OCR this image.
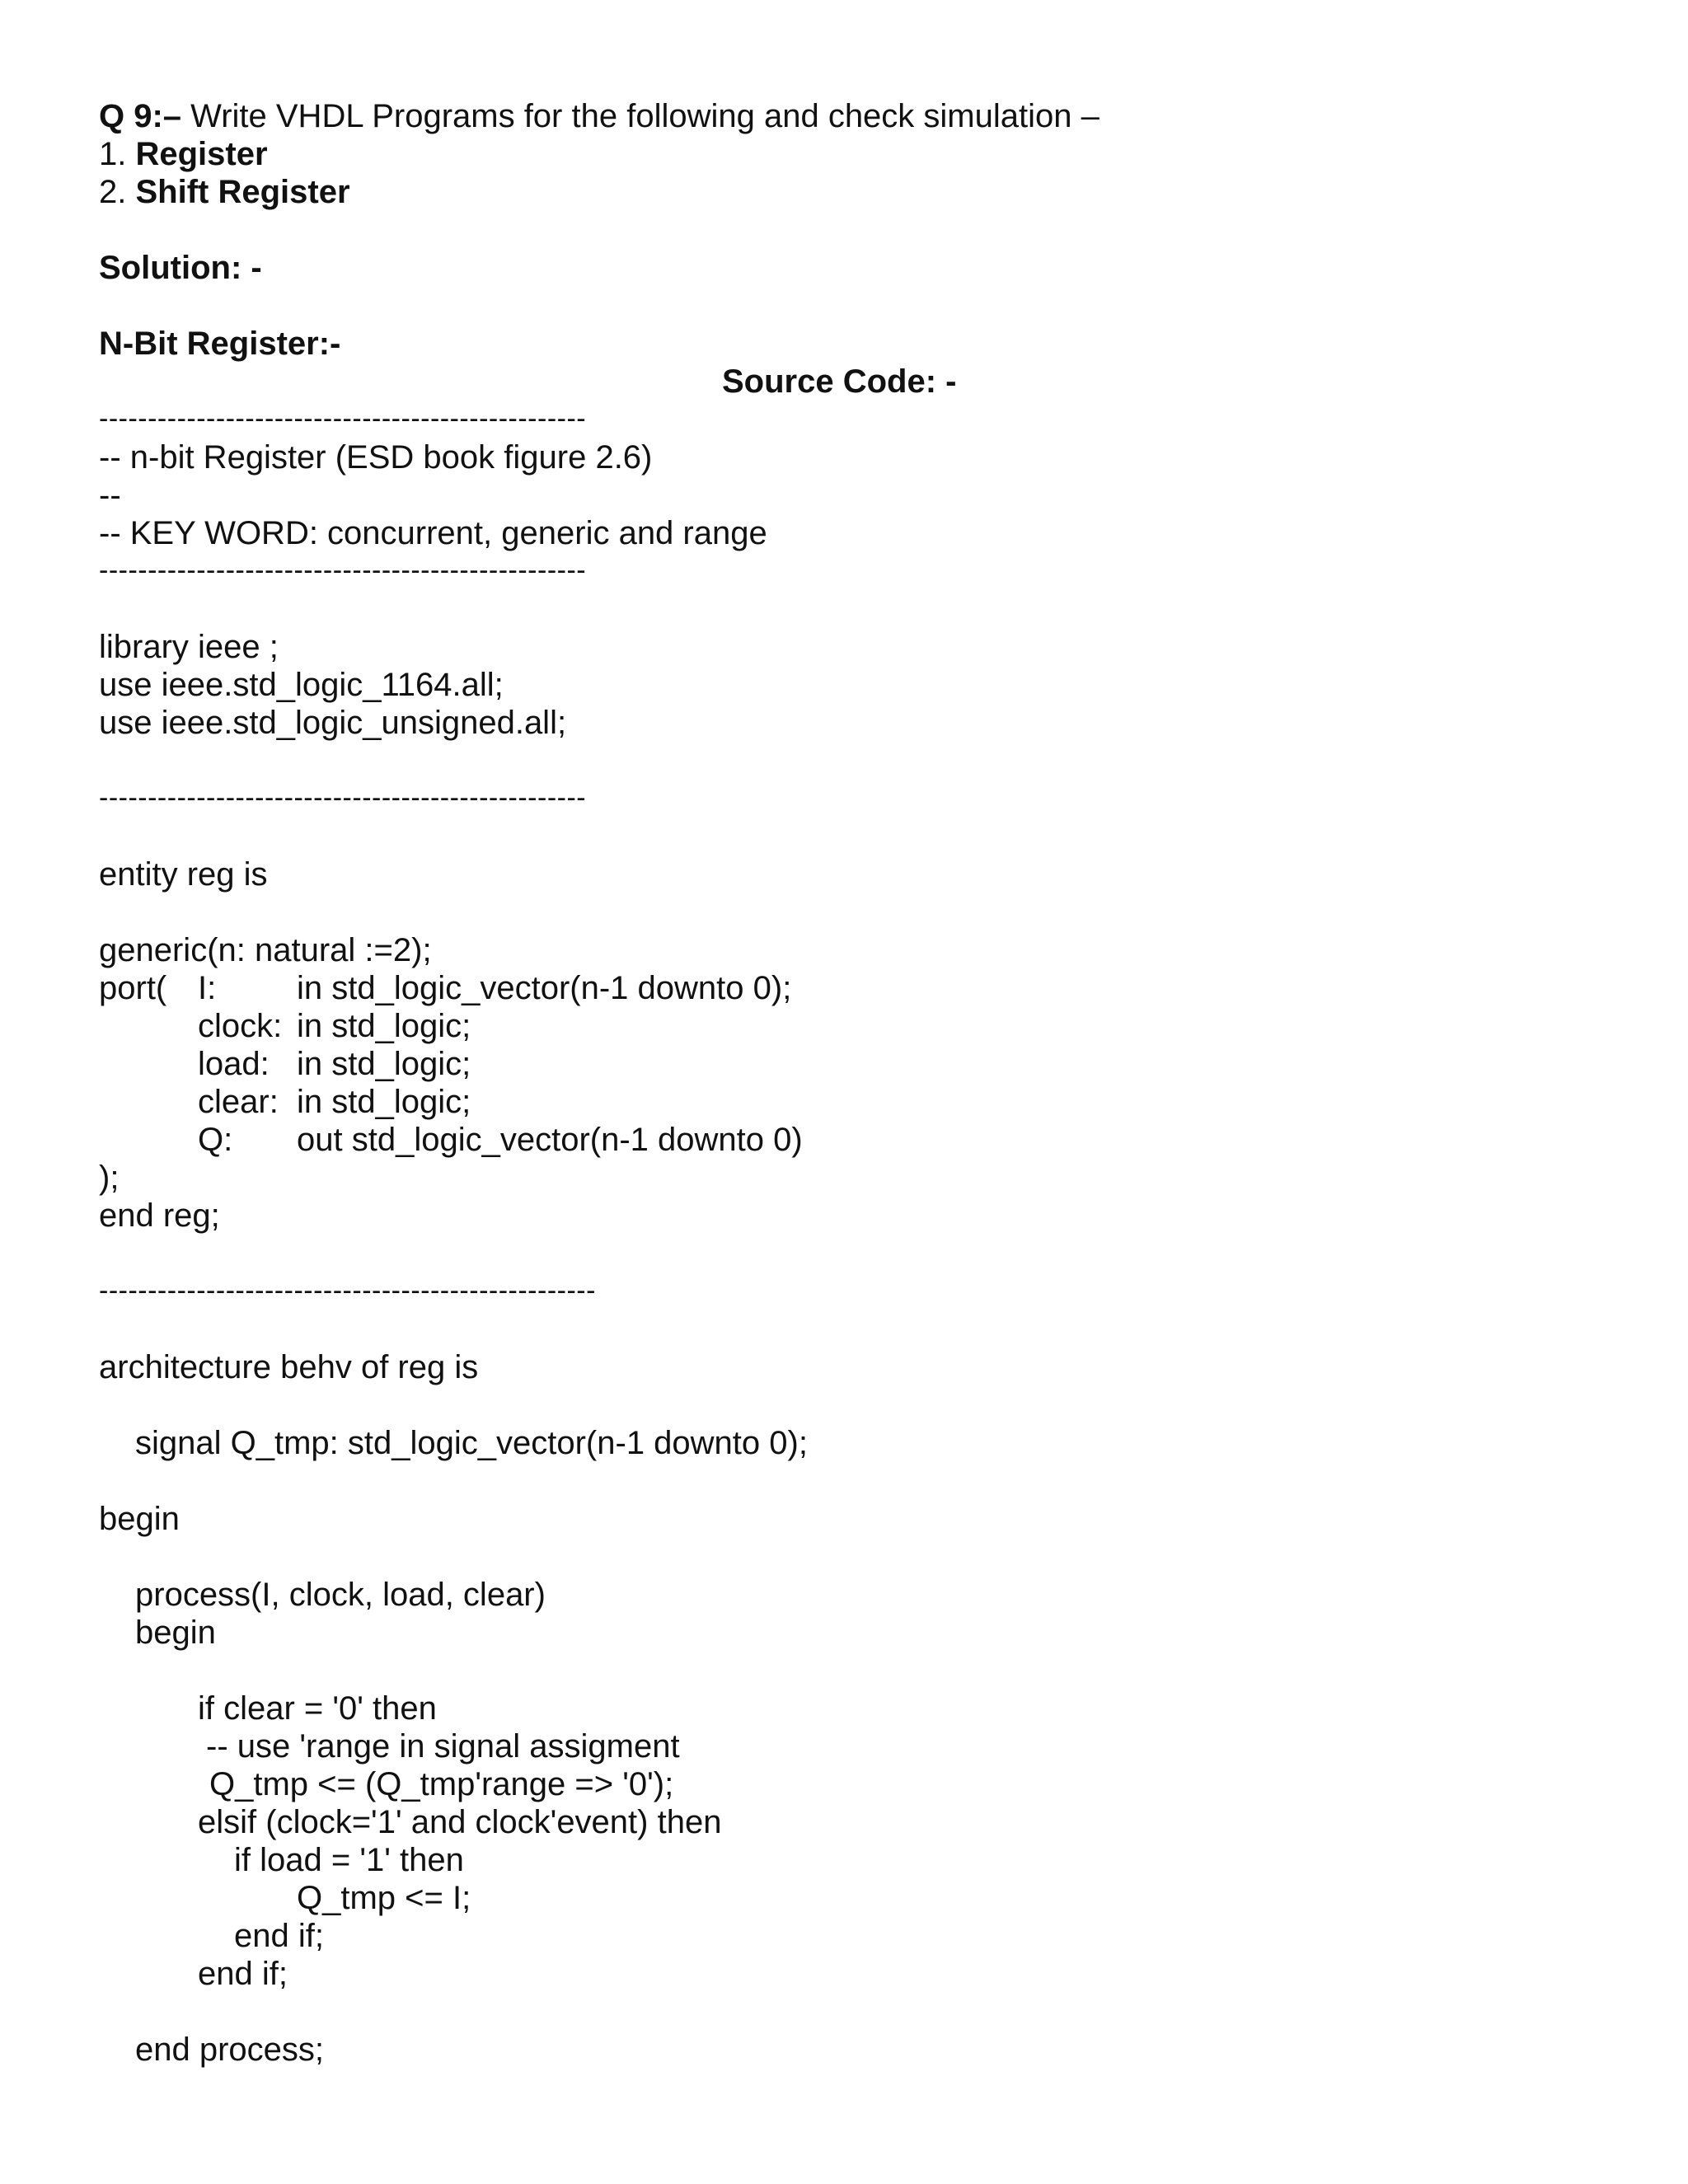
Q 9:– Write VHDL Programs for the following and check simulation –
1. Register
2. Shift Register
Solution: -
N-Bit Register:-
Source Code: -
--------------------------------------------------
-- n-bit Register (ESD book figure 2.6)
--
-- KEY WORD: concurrent, generic and range
--------------------------------------------------
library ieee ;
use ieee.std_logic_1164.all;
use ieee.std_logic_unsigned.all;
--------------------------------------------------
entity reg is
generic(n: natural :=2);
port( I: in std_logic_vector(n-1 downto 0);
clock: in std_logic;
load: in std_logic;
clear: in std_logic;
Q: out std_logic_vector(n-1 downto 0)
);
end reg;
---------------------------------------------------
architecture behv of reg is
signal Q_tmp: std_logic_vector(n-1 downto 0);
begin
process(I, clock, load, clear)
begin
if clear = '0' then
-- use 'range in signal assigment
Q_tmp <= (Q_tmp'range => '0');
elsif (clock='1' and clock'event) then
if load = '1' then
Q_tmp <= I;
end if;
end if;
end process;
